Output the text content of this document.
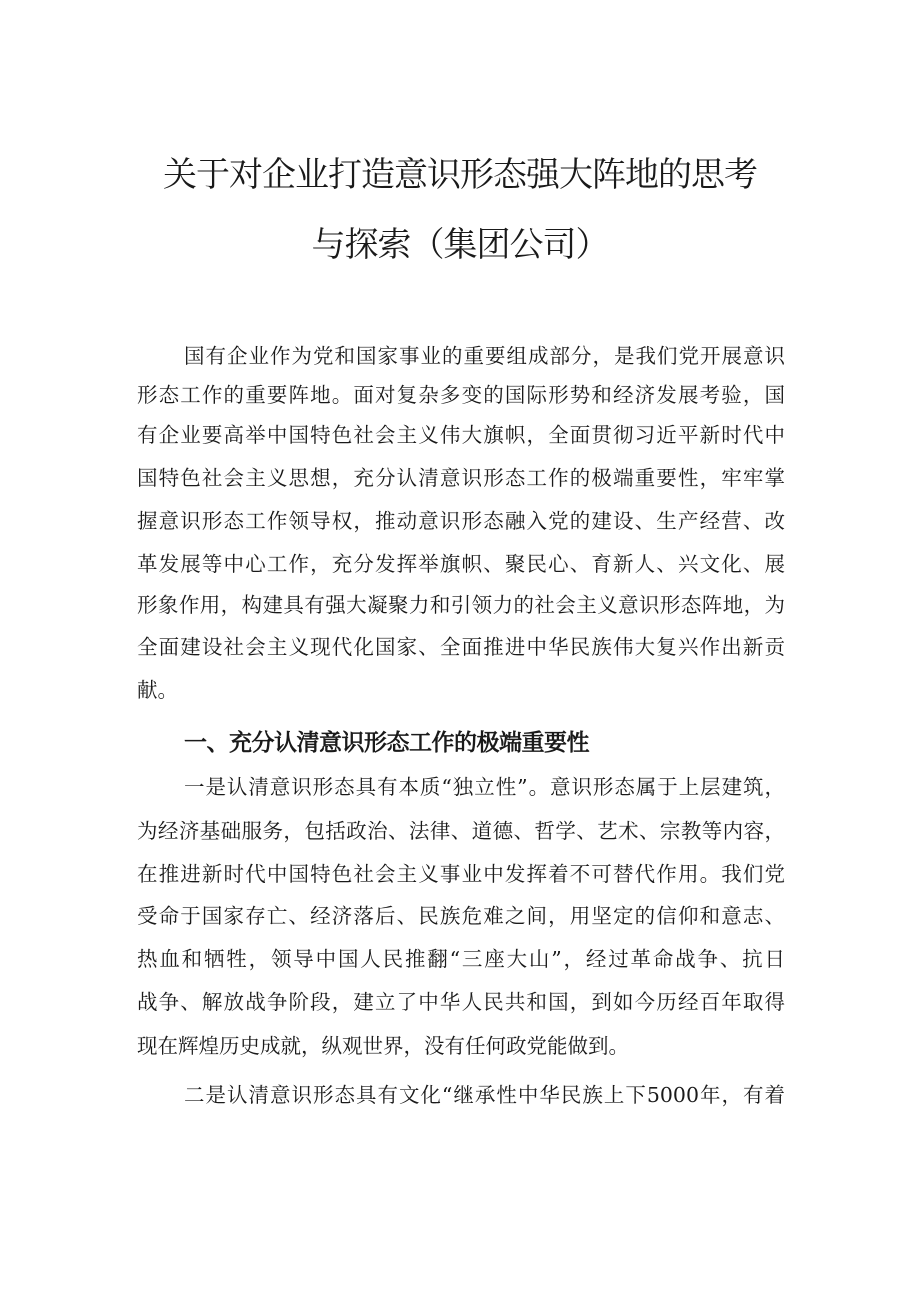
关于对企业打造意识形态强大阵地的思考
与探索（集团公司）

国有企业作为党和国家事业的重要组成部分，是我们党开展意识

形态工作的重要阵地。面对复杂多变的国际形势和经济发展考验，国

有企业要高举中国特色社会主义伟大旗帜，全面贯彻习近平新时代中

国特色社会主义思想，充分认清意识形态工作的极端重要性，牢牢掌

握意识形态工作领导权，推动意识形态融入党的建设、生产经营、改

革发展等中心工作，充分发挥举旗帜、聚民心、育新人、兴文化、展

形象作用，构建具有强大凝聚力和引领力的社会主义意识形态阵地，为

全面建设社会主义现代化国家、全面推进中华民族伟大复兴作出新贡

献。

一、充分认清意识形态工作的极端重要性

一是认清意识形态具有本质“独立性”。意识形态属于上层建筑，

为经济基础服务，包括政治、法律、道德、哲学、艺术、宗教等内容，

在推进新时代中国特色社会主义事业中发挥着不可替代作用。我们党

受命于国家存亡、经济落后、民族危难之间，用坚定的信仰和意志、

热血和牺牲，领导中国人民推翻“三座大山”，经过革命战争、抗日

战争、解放战争阶段，建立了中华人民共和国，到如今历经百年取得

现在辉煌历史成就，纵观世界，没有任何政党能做到。

二是认清意识形态具有文化“继承性中华民族上下5000年，有着
